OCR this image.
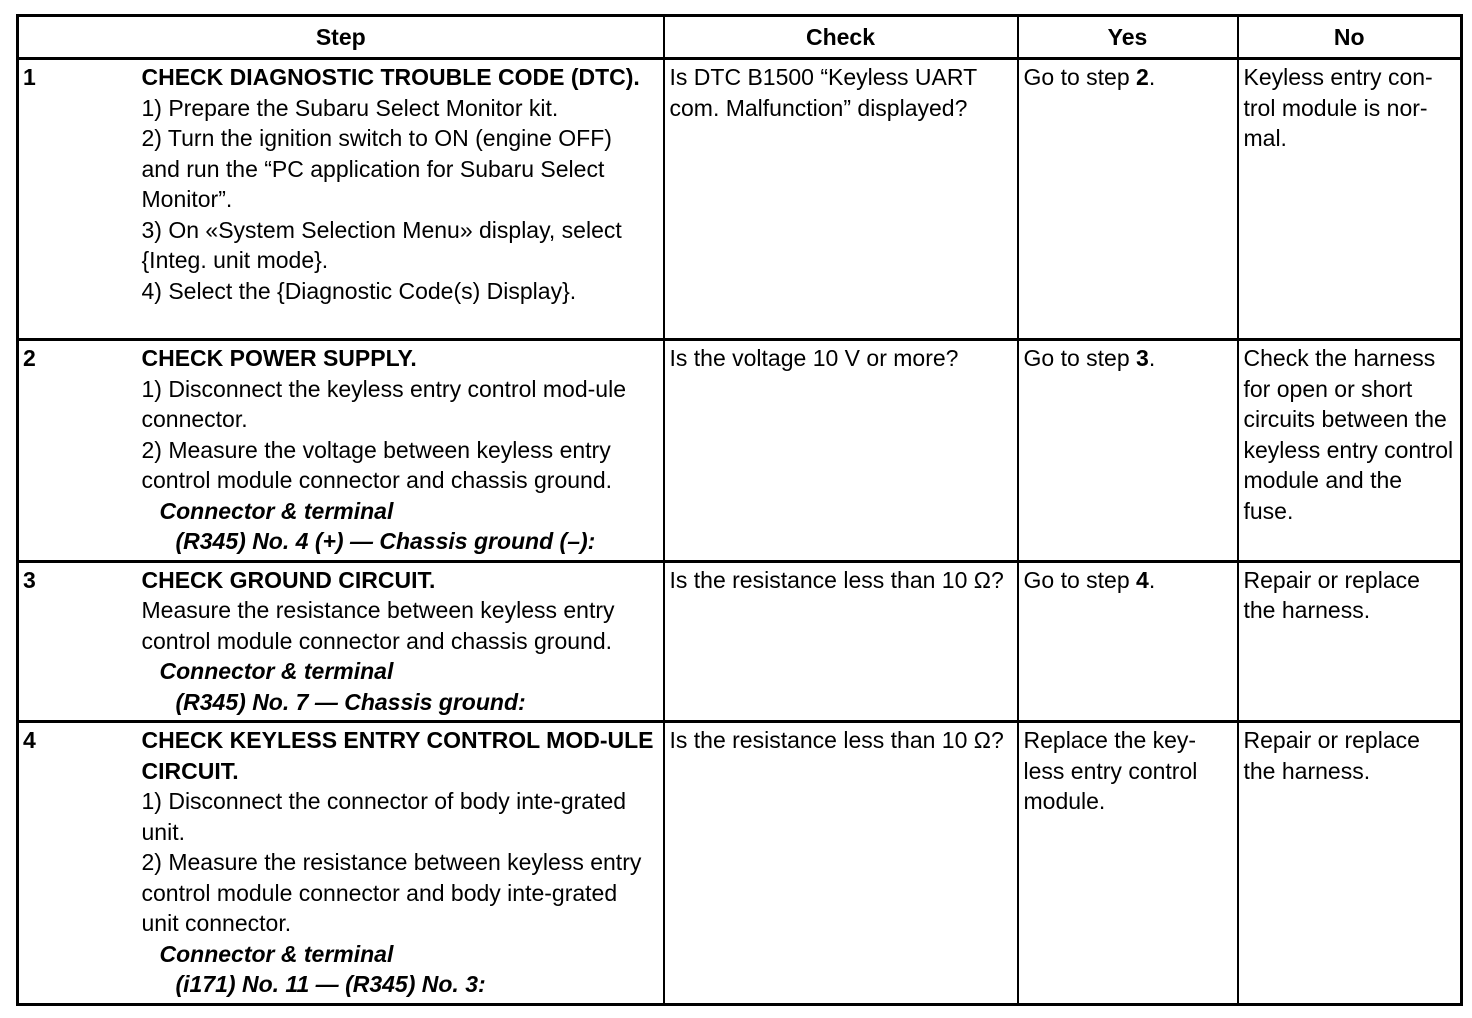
Step		Check	Yes	No
1	CHECK DIAGNOSTIC TROUBLE CODE (DTC).
1) Prepare the Subaru Select Monitor kit.
2) Turn the ignition switch to ON (engine OFF) and run the “PC application for Subaru Select Monitor”.
3) On «System Selection Menu» display, select {Integ. unit mode}.
4) Select the {Diagnostic Code(s) Display}.	Is DTC B1500 “Keyless UART com. Malfunction” displayed?	Go to step 2.	Keyless entry con-trol module is nor-mal.
2	CHECK POWER SUPPLY.
1) Disconnect the keyless entry control mod-ule connector.
2) Measure the voltage between keyless entry control module connector and chassis ground.
Connector & terminal
(R345) No. 4 (+) — Chassis ground (–):	Is the voltage 10 V or more?	Go to step 3.	Check the harness for open or short circuits between the keyless entry control module and the fuse.
3	CHECK GROUND CIRCUIT.
Measure the resistance between keyless entry control module connector and chassis ground.
Connector & terminal
(R345) No. 7 — Chassis ground:	Is the resistance less than 10 Ω?	Go to step 4.	Repair or replace the harness.
4	CHECK KEYLESS ENTRY CONTROL MOD-ULE CIRCUIT.
1) Disconnect the connector of body inte-grated unit.
2) Measure the resistance between keyless entry control module connector and body inte-grated unit connector.
Connector & terminal
(i171) No. 11 — (R345) No. 3:	Is the resistance less than 10 Ω?	Replace the key-less entry control module.	Repair or replace the harness.
